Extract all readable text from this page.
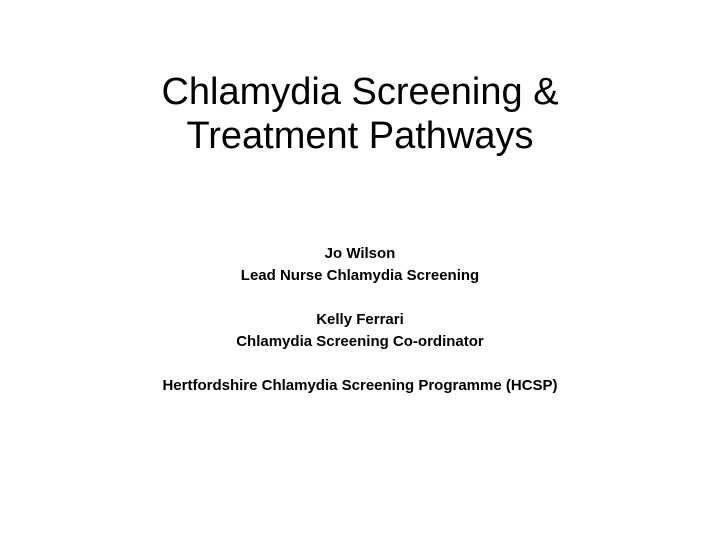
Chlamydia Screening &
Treatment Pathways
Jo Wilson
Lead Nurse Chlamydia Screening
Kelly Ferrari
Chlamydia Screening Co-ordinator
Hertfordshire Chlamydia Screening Programme (HCSP)
